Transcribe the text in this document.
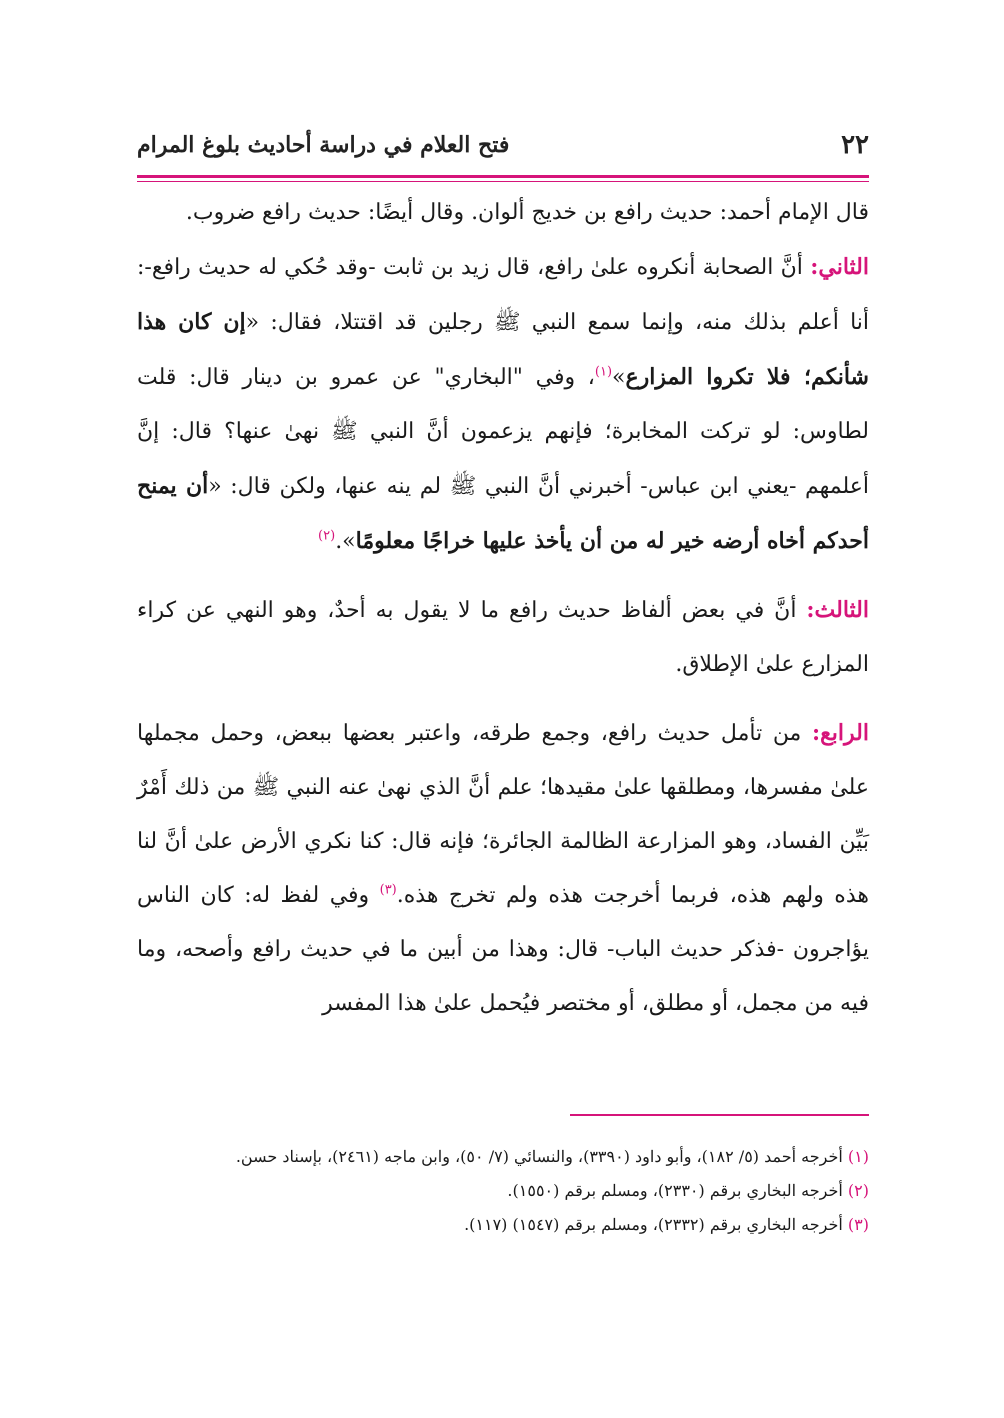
٢٢
فتح العلام في دراسة أحاديث بلوغ المرام

قال الإمام أحمد: حديث رافع بن خديج ألوان. وقال أيضًا: حديث رافع ضروب.

الثاني: أنَّ الصحابة أنكروه علىٰ رافع، قال زيد بن ثابت -وقد حُكي له حديث رافع-: أنا أعلم بذلك منه، وإنما سمع النبي ﷺ رجلين قد اقتتلا، فقال: «إن كان هذا شأنكم؛ فلا تكروا المزارع»$^{(١)}$، وفي "البخاري" عن عمرو بن دينار قال: قلت لطاوس: لو تركت المخابرة؛ فإنهم يزعمون أنَّ النبي ﷺ نهىٰ عنها؟ قال: إنَّ أعلمهم -يعني ابن عباس- أخبرني أنَّ النبي ﷺ لم ينه عنها، ولكن قال: «أن يمنح أحدكم أخاه أرضه خير له من أن يأخذ عليها خراجًا معلومًا».$^{(٢)}$

الثالث: أنَّ في بعض ألفاظ حديث رافع ما لا يقول به أحدٌ، وهو النهي عن كراء المزارع علىٰ الإطلاق.

الرابع: من تأمل حديث رافع، وجمع طرقه، واعتبر بعضها ببعض، وحمل مجملها علىٰ مفسرها، ومطلقها علىٰ مقيدها؛ علم أنَّ الذي نهىٰ عنه النبي ﷺ من ذلك أَمْرٌ بَيِّن الفساد، وهو المزارعة الظالمة الجائرة؛ فإنه قال: كنا نكري الأرض علىٰ أنَّ لنا هذه ولهم هذه، فربما أخرجت هذه ولم تخرج هذه.$^{(٣)}$ وفي لفظ له: كان الناس يؤاجرون -فذكر حديث الباب- قال: وهذا من أبين ما في حديث رافع وأصحه، وما فيه من مجمل، أو مطلق، أو مختصر فيُحمل علىٰ هذا المفسر

(١) أخرجه أحمد (٥/ ١٨٢)، وأبو داود (٣٣٩٠)، والنسائي (٧/ ٥٠)، وابن ماجه (٢٤٦١)، بإسناد حسن.

(٢) أخرجه البخاري برقم (٢٣٣٠)، ومسلم برقم (١٥٥٠).

(٣) أخرجه البخاري برقم (٢٣٣٢)، ومسلم برقم (١٥٤٧) (١١٧).
